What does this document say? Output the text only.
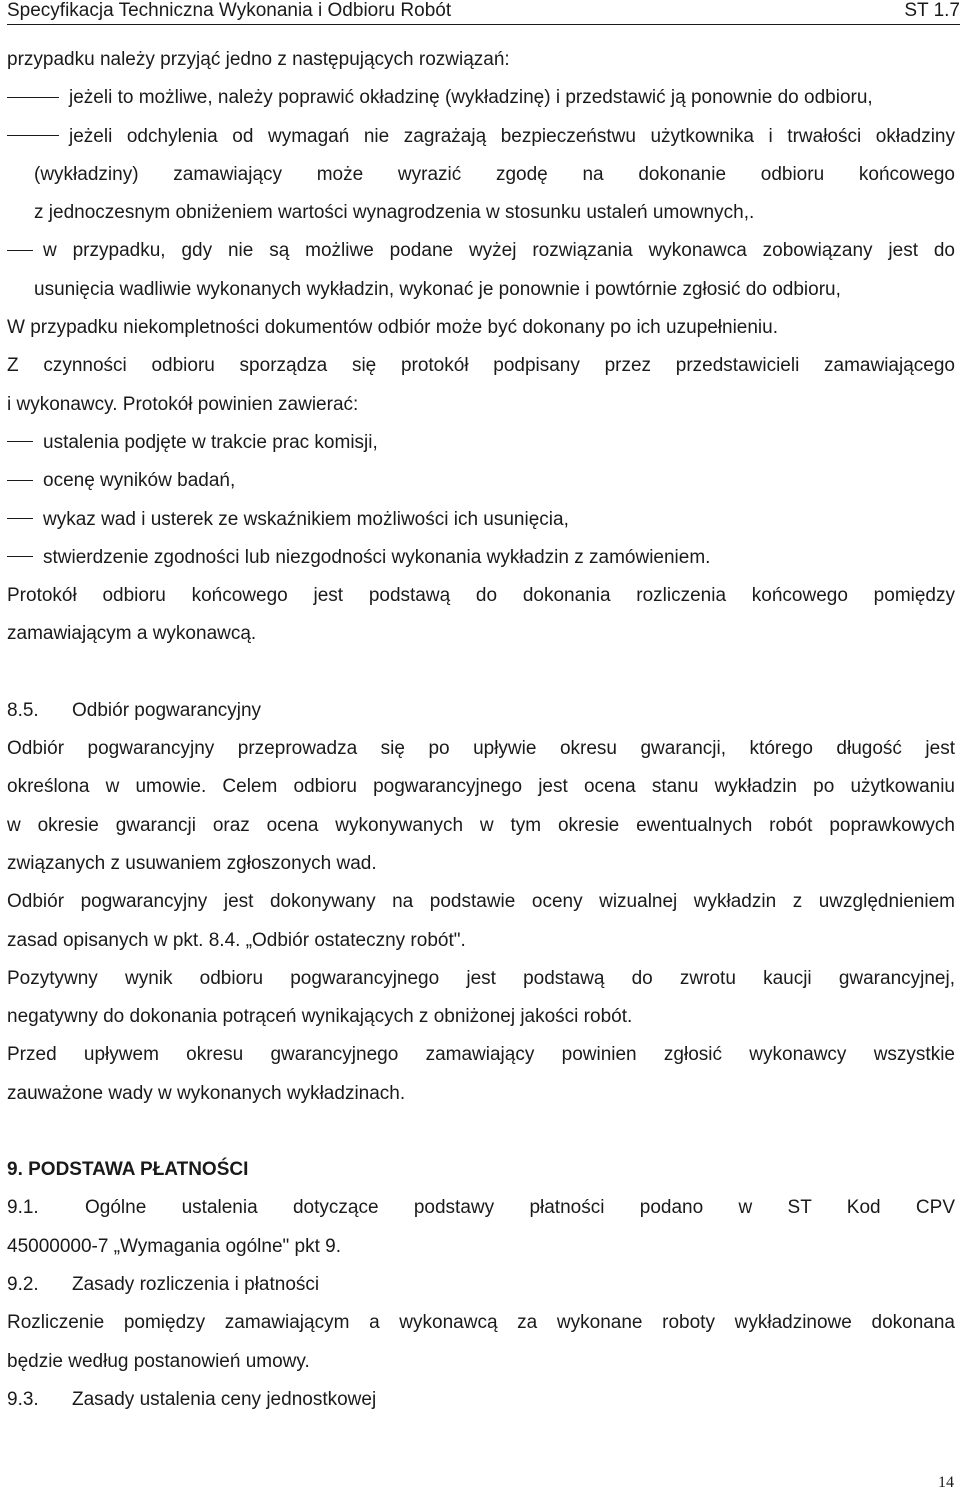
Specyfikacja Techniczna Wykonania i Odbioru Robót	ST 1.7
przypadku należy przyjąć jedno z następujących rozwiązań:
jeżeli to możliwe, należy poprawić okładzinę (wykładzinę) i przedstawić ją ponownie do odbioru,
jeżeli odchylenia od wymagań nie zagrażają bezpieczeństwu użytkownika i trwałości okładziny
(wykładziny) zamawiający może wyrazić zgodę na dokonanie odbioru końcowego
z jednoczesnym obniżeniem wartości wynagrodzenia w stosunku ustaleń umownych,.
w przypadku, gdy nie są możliwe podane wyżej rozwiązania wykonawca zobowiązany jest do
usunięcia wadliwie wykonanych wykładzin, wykonać je ponownie i powtórnie zgłosić do odbioru,
W przypadku niekompletności dokumentów odbiór może być dokonany po ich uzupełnieniu.
Z czynności odbioru sporządza się protokół podpisany przez przedstawicieli zamawiającego
i wykonawcy. Protokół powinien zawierać:
ustalenia podjęte w trakcie prac komisji,
ocenę wyników badań,
wykaz wad i usterek ze wskaźnikiem możliwości ich usunięcia,
stwierdzenie zgodności lub niezgodności wykonania wykładzin z zamówieniem.
Protokół odbioru końcowego jest podstawą do dokonania rozliczenia końcowego pomiędzy
zamawiającym a wykonawcą.
8.5. Odbiór pogwarancyjny
Odbiór pogwarancyjny przeprowadza się po upływie okresu gwarancji, którego długość jest
określona w umowie. Celem odbioru pogwarancyjnego jest ocena stanu wykładzin po użytkowaniu
w okresie gwarancji oraz ocena wykonywanych w tym okresie ewentualnych robót poprawkowych
związanych z usuwaniem zgłoszonych wad.
Odbiór pogwarancyjny jest dokonywany na podstawie oceny wizualnej wykładzin z uwzględnieniem
zasad opisanych w pkt. 8.4. „Odbiór ostateczny robót".
Pozytywny wynik odbioru pogwarancyjnego jest podstawą do zwrotu kaucji gwarancyjnej,
negatywny do dokonania potrąceń wynikających z obniżonej jakości robót.
Przed upływem okresu gwarancyjnego zamawiający powinien zgłosić wykonawcy wszystkie
zauważone wady w wykonanych wykładzinach.
9. PODSTAWA PŁATNOŚCI
9.1. Ogólne ustalenia dotyczące podstawy płatności podano w ST Kod CPV
45000000-7 „Wymagania ogólne" pkt 9.
9.2. Zasady rozliczenia i płatności
Rozliczenie pomiędzy zamawiającym a wykonawcą za wykonane roboty wykładzinowe dokonana
będzie według postanowień umowy.
9.3. Zasady ustalenia ceny jednostkowej
14
